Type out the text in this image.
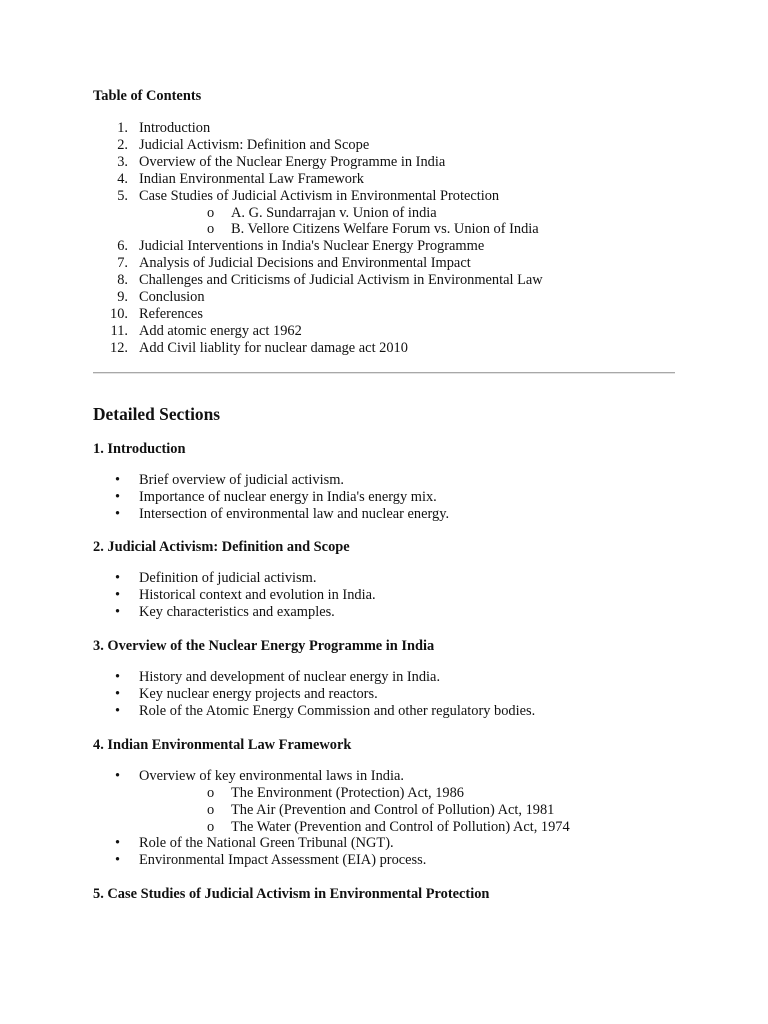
Table of Contents

1. Introduction
2. Judicial Activism: Definition and Scope
3. Overview of the Nuclear Energy Programme in India
4. Indian Environmental Law Framework
5. Case Studies of Judicial Activism in Environmental Protection
o A. G. Sundarrajan v. Union of india
o B. Vellore Citizens Welfare Forum vs. Union of India
6. Judicial Interventions in India's Nuclear Energy Programme
7. Analysis of Judicial Decisions and Environmental Impact
8. Challenges and Criticisms of Judicial Activism in Environmental Law
9. Conclusion
10. References
11. Add atomic energy act 1962
12. Add Civil liablity for nuclear damage act 2010
Detailed Sections
1. Introduction
• Brief overview of judicial activism.
• Importance of nuclear energy in India's energy mix.
• Intersection of environmental law and nuclear energy.
2. Judicial Activism: Definition and Scope
• Definition of judicial activism.
• Historical context and evolution in India.
• Key characteristics and examples.
3. Overview of the Nuclear Energy Programme in India
• History and development of nuclear energy in India.
• Key nuclear energy projects and reactors.
• Role of the Atomic Energy Commission and other regulatory bodies.
4. Indian Environmental Law Framework
• Overview of key environmental laws in India.
o The Environment (Protection) Act, 1986
o The Air (Prevention and Control of Pollution) Act, 1981
o The Water (Prevention and Control of Pollution) Act, 1974
• Role of the National Green Tribunal (NGT).
• Environmental Impact Assessment (EIA) process.
5. Case Studies of Judicial Activism in Environmental Protection
